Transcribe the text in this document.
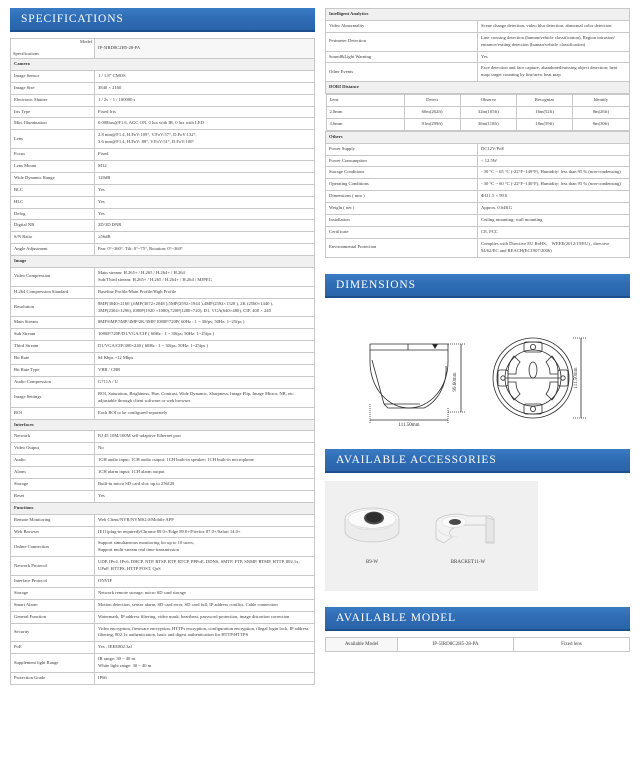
SPECIFICATIONS
Model
Specifications	IP-5IRD8C2H5-28-PA
Camera	
Image Sensor	1 / 1.8" CMOS
Image Size	3840 × 2160
Electronic Shutter	1 / 2s ~ 1 / 100000 s
Iris Type	Fixed Iris
Min. Illumination	0.008lux@F1.6, AGC ON, 0 lux with IR, 0 lux with LED
Lens	2.8 mm@F1.4, H.FoV:109°, V.FoV:57°, D.FoV:132°;
3.6 mm@F1.4, H.FoV: 88°, V.FoV:51°, D.FoV:100°
Focus	Fixed
Lens Mount	M12
Wide Dynamic Range	120dB
BLC	Yes
HLC	Yes
Defog	Yes
Digital NR	2D/3D DNR
S/N Ratio	≥56dB
Angle Adjustment	Pan: 0°~360°, Tilt: 0°~75°, Rotation: 0°~360°
Image	
Video Compression	Main stream: H.265+ / H.265 / H.264+ / H.264
Sub/Third stream: H.265+ / H.265 / H.264+ / H.264 / MJPEG
H.264 Compression Standard	Baseline Profile/Main Profile/High Profile
Resolution	8MP(3840×2160 ),6MP(3072×2048 ),5MP(2592×1944 ),4MP(2592×1520 ), 2K (2560×1440 ), 3MP(2304×1296),1080P(1920 ×1080),720P(1280×720), D1, VGA(640×480), CIF, 400 × 240
Main Stream	8MP/6MP/5MP/4MP/2K/3MP/1080P/720P( 60Hz : 1 ~ 30fps; 50Hz: 1~25fps )
Sub Stream	1080P/720P/D1/VGA/CIF ( 60Hz : 1 ~ 30fps; 50Hz: 1~25fps )
Third Stream	D1/VGA/CIF/400×240 ( 60Hz : 1 ~ 30fps; 50Hz: 1~25fps )
Bit Rate	64 Kbps ~12 Mbps
Bit Rate Type	VBR / CBR
Audio Compression	G711A / U
Image Settings	ROI, Saturation, Brightness, Hue, Contrast, Wide Dynamic, Sharpness, Image Flip, Image Mirror, NR, etc. adjustable through client software or web browser
ROI	Each ROI to be configured separately
Interfaces	
Network	RJ 45 10M/100M self-adaptive Ethernet port
Video Output	No
Audio	1CH audio input; 1CH audio output; 1CH built-in speaker; 1CH built-in microphone
Alarm	1CH alarm input; 1CH alarm output
Storage	Built-in micro SD card slot; up to 256GB
Reset	Yes
Functions	
Remote Monitoring	Web Client/NVR/NVMS2.0/Mobile APP
Web Browser	IE11(plug-in required)/Chrome 89.0+/Edge 89.0+/Firefox 87.0+/Safari 14.0+
Online Connection	Support simultaneous monitoring for up to 10 users;
Support multi-stream real time transmission
Network Protocol	UDP, IPv4, IPv6, DHCP, NTP, RTSP, RTP, RTCP, PPPoE, DDNS, SMTP, FTP, SNMP, RTMP, HTTP, 802.1x, UPnP, HTTPS, HTTP POST, QoS
Interface Protocol	ONVIF
Storage	Network remote storage; micro SD card storage
Smart Alarm	Motion detection, sensor alarm, SD card error, SD card full, IP address conflict, Cable connection
General Function	Watermark, IP address filtering, video mask, heartbeat, password protection, image distortion correction
Security	Video encryption, firmware encryption, HTTPs encryption, configuration encryption, illegal login lock, IP address filtering, 802.1x authentication, basic and digest authentication for HTTP/HTTPS
PoE	Yes , IEEE802.3af
Supplement light Range	IR range: 30 ~ 40 m
White light range: 30 ~ 40 m
Protection Grade	IP66
Intelligent Analytics
Video Abnormality	Scene change detection, video blur detection, abnormal color detection
Perimeter Detection	Line crossing detection (human/vehicle classification), Region intrusion/ entrance/exiting detection (human/vehicle classification)
Sound&Light Warning	Yes
Other Events	Face detection and face capture, abandoned/missing object detection; heat map; target counting by line/area, heat map
DORI Distance

Lens	Detect	Observe	Recognize	Identify
2.8mm	60m(262ft)	32m(105ft)	16m(52ft)	8m(26ft)
3.6mm	91m(299ft)	36m(118ft)	18m(59ft)	9m(30ft)

Others
Power Supply	DC12V/PoE
Power Consumption	< 12.5W
Storage Conditions	- 30 °C ~ 65 °C (-22°F~149°F), Humidity: less than 95 % (non-condensing)
Operating Conditions	- 30 °C ~ 60 °C (-22°F~140°F), Humidity: less than 95 % (non-condensing)
Dimensions ( mm )	Φ111.5 × 99.6
Weight ( net )	Approx. 0.64KG
Installation	Ceiling mounting; wall mounting
Certificate	CE, FCC
Environmental Protection	Complies with Directive EU RoHS、 WEEE(2012/19/EU) , directive 94/62/EC and REACH(EC1907/2006)
DIMENSIONS
99.60mm
111.50mm
111.50mm
AVAILABLE ACCESSORIES
B9-W	BRACKET11-W
AVAILABLE MODEL
Available Model	IP-5IRD8C2H5-28-PA	Fixed lens
